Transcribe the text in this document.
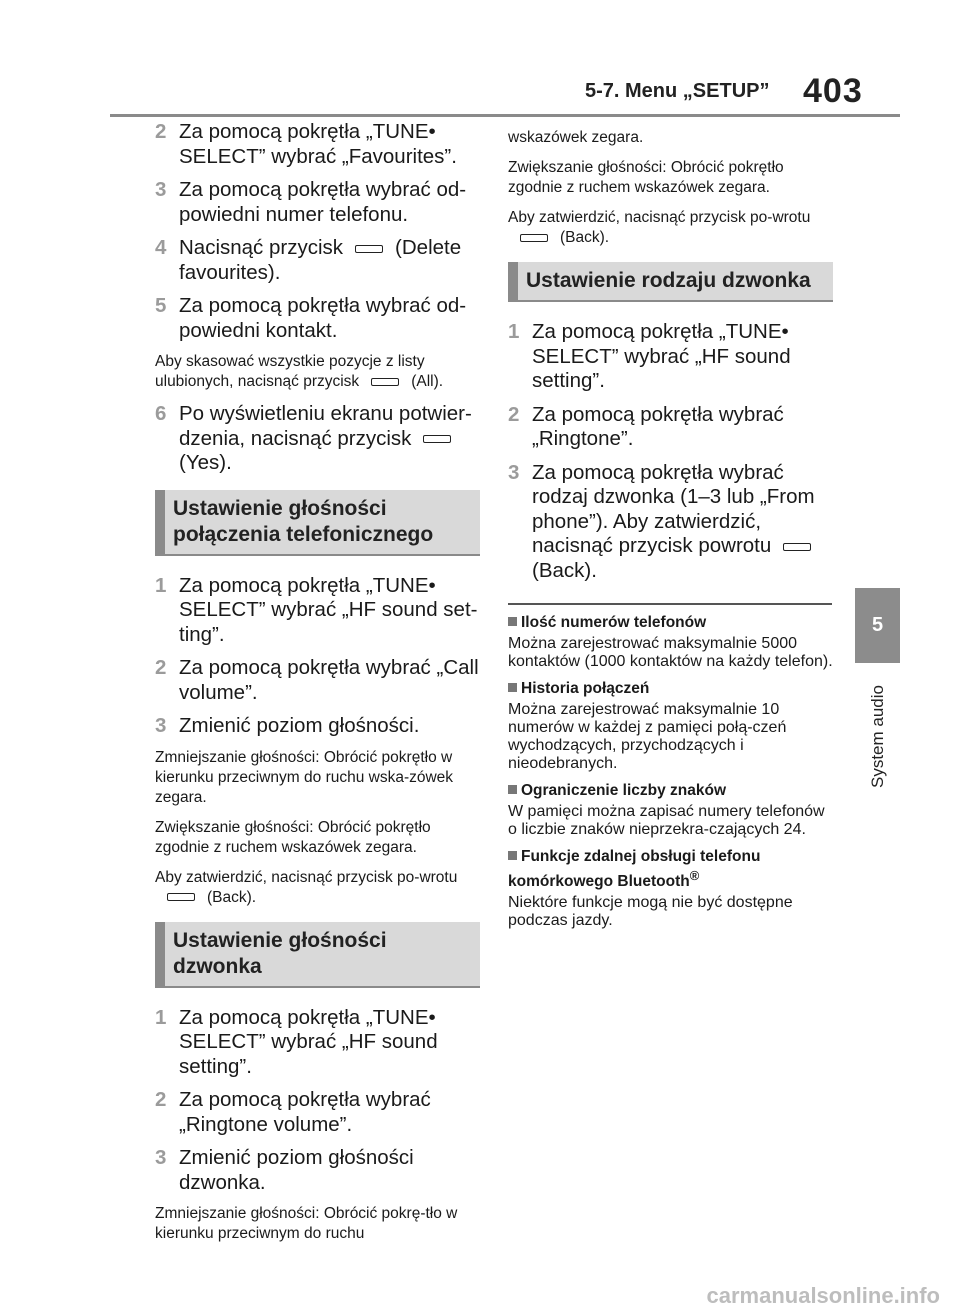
5-7. Menu „SETUP” 403
5
System audio
2 Za pomocą pokrętła „TUNE• SELECT” wybrać „Favourites”.
3 Za pomocą pokrętła wybrać od-powiedni numer telefonu.
4 Nacisnąć przycisk	(Delete favourites).
5 Za pomocą pokrętła wybrać od-powiedni kontakt.
Aby skasować wszystkie pozycje z listy ulubionych, nacisnąć przycisk	(All).
6 Po wyświetleniu ekranu potwier-dzenia, nacisnąć przycisk
(Yes).
Ustawienie głośności połączenia telefonicznego
1 Za pomocą pokrętła „TUNE• SELECT” wybrać „HF sound set-ting”.
2 Za pomocą pokrętła wybrać „Call volume”.
3 Zmienić poziom głośności.
Zmniejszanie głośności: Obrócić pokrętło w kierunku przeciwnym do ruchu wska-zówek zegara.
Zwiększanie głośności: Obrócić pokrętło zgodnie z ruchem wskazówek zegara.
Aby zatwierdzić, nacisnąć przycisk po-wrotu(Back).
Ustawienie głośności dzwonka
1 Za pomocą pokrętła „TUNE• SELECT” wybrać „HF sound setting”.
2 Za pomocą pokrętła wybrać „Ringtone volume”.
3 Zmienić poziom głośności dzwonka.
Zmniejszanie głośności: Obrócić pokrę-tło w kierunku przeciwnym do ruchu
wskazówek zegara.
Zwiększanie głośności: Obrócić pokrętło zgodnie z ruchem wskazówek zegara.
Aby zatwierdzić, nacisnąć przycisk po-wrotu(Back).
Ustawienie rodzaju dzwonka
1 Za pomocą pokrętła „TUNE• SELECT” wybrać „HF sound setting”.
2 Za pomocą pokrętła wybrać „Ringtone”.
3 Za pomocą pokrętła wybrać rodzaj dzwonka (1–3 lub „From phone”). Aby zatwierdzić, nacisnąć przycisk powrotu(Back).
Ilość numerów telefonów
Można zarejestrować maksymalnie 5000 kontaktów (1000 kontaktów na każdy telefon).
Historia połączeń
Można zarejestrować maksymalnie 10 numerów w każdej z pamięci połą-czeń wychodzących, przychodzących i nieodebranych.
Ograniczenie liczby znaków
W pamięci można zapisać numery telefonów o liczbie znaków nieprzekra-czających 24.
Funkcje zdalnej obsługi telefonu komórkowego Bluetooth®
Niektóre funkcje mogą nie być dostępne podczas jazdy.
carmanualsonline.info
